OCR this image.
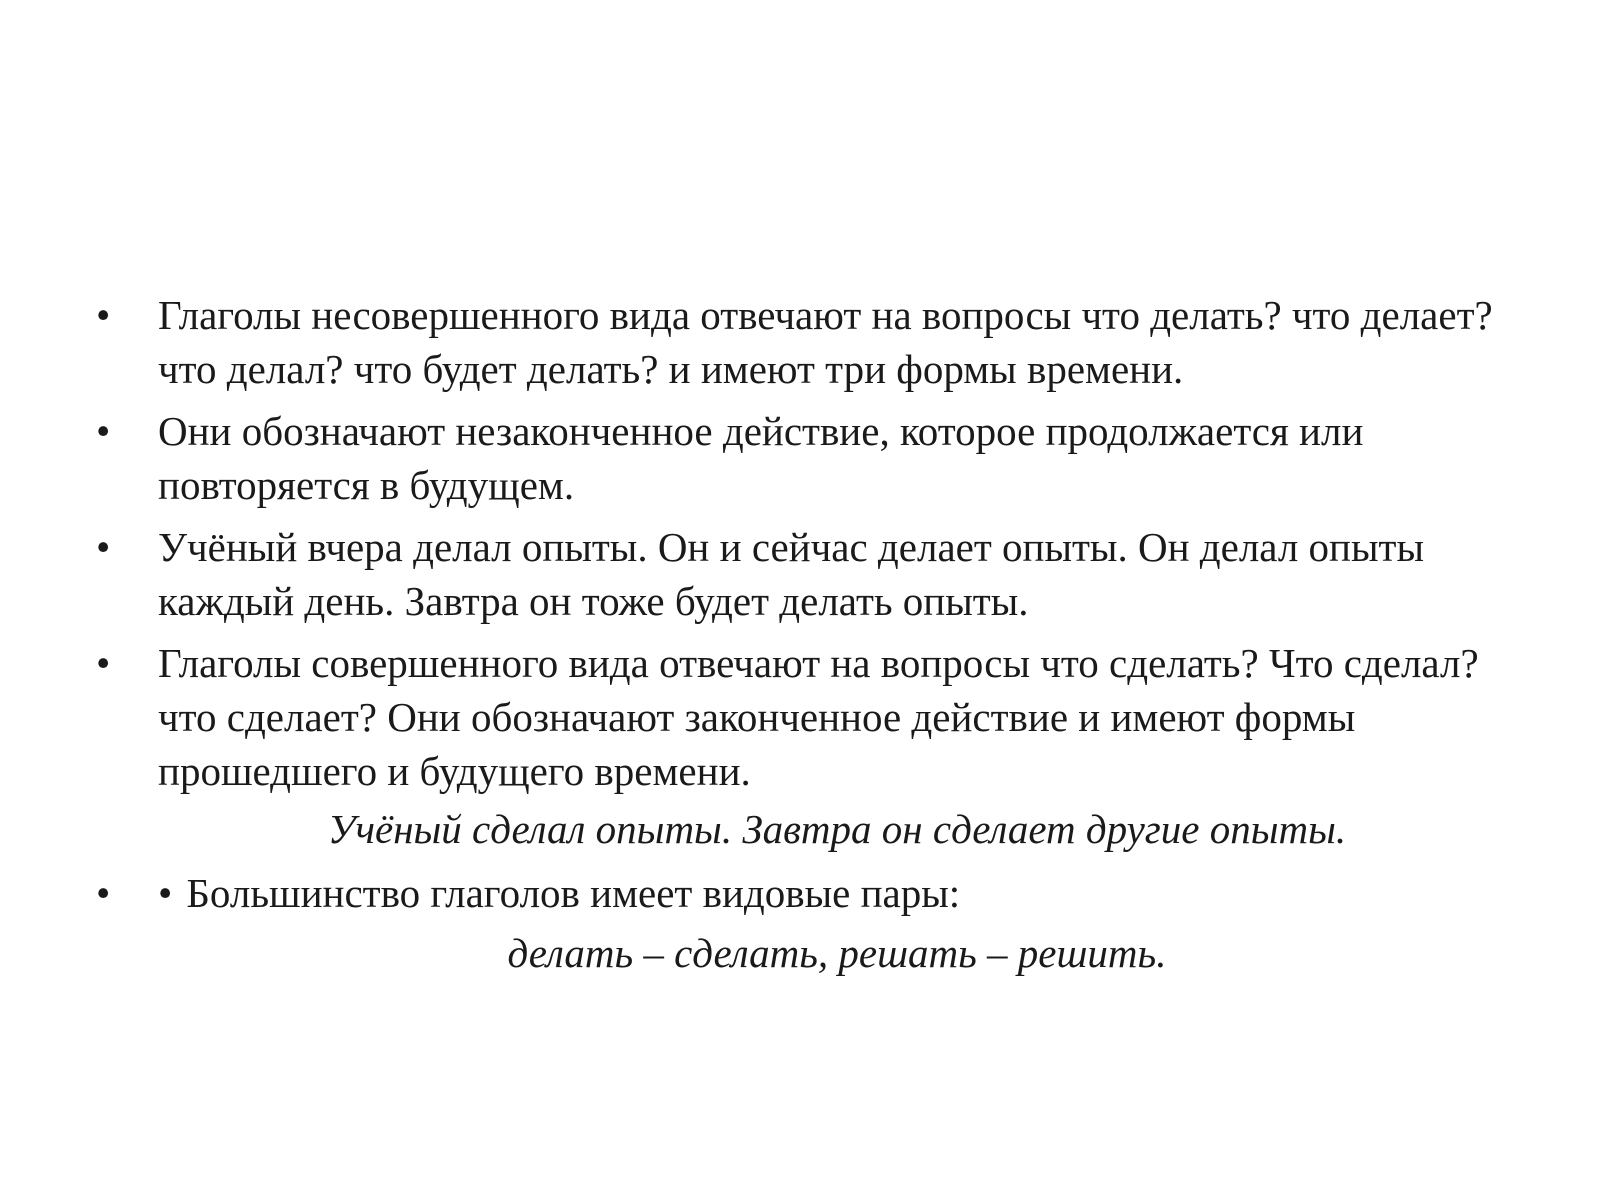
• Глаголы несовершенного вида отвечают на вопросы что делать? что делает? что делал? что будет делать? и имеют три формы времени.
• Они обозначают незаконченное действие, которое продолжается или повторяется в будущем.
• Учёный вчера делал опыты. Он и сейчас делает опыты. Он делал опыты каждый день. Завтра он тоже будет делать опыты.
• Глаголы совершенного вида отвечают на вопросы что сделать? Что сделал? что сделает? Они обозначают законченное действие и имеют формы прошедшего и будущего времени.
Учёный сделал опыты. Завтра он сделает другие опыты.
• • Большинство глаголов имеет видовые пары:
делать – сделать, решать – решить.
